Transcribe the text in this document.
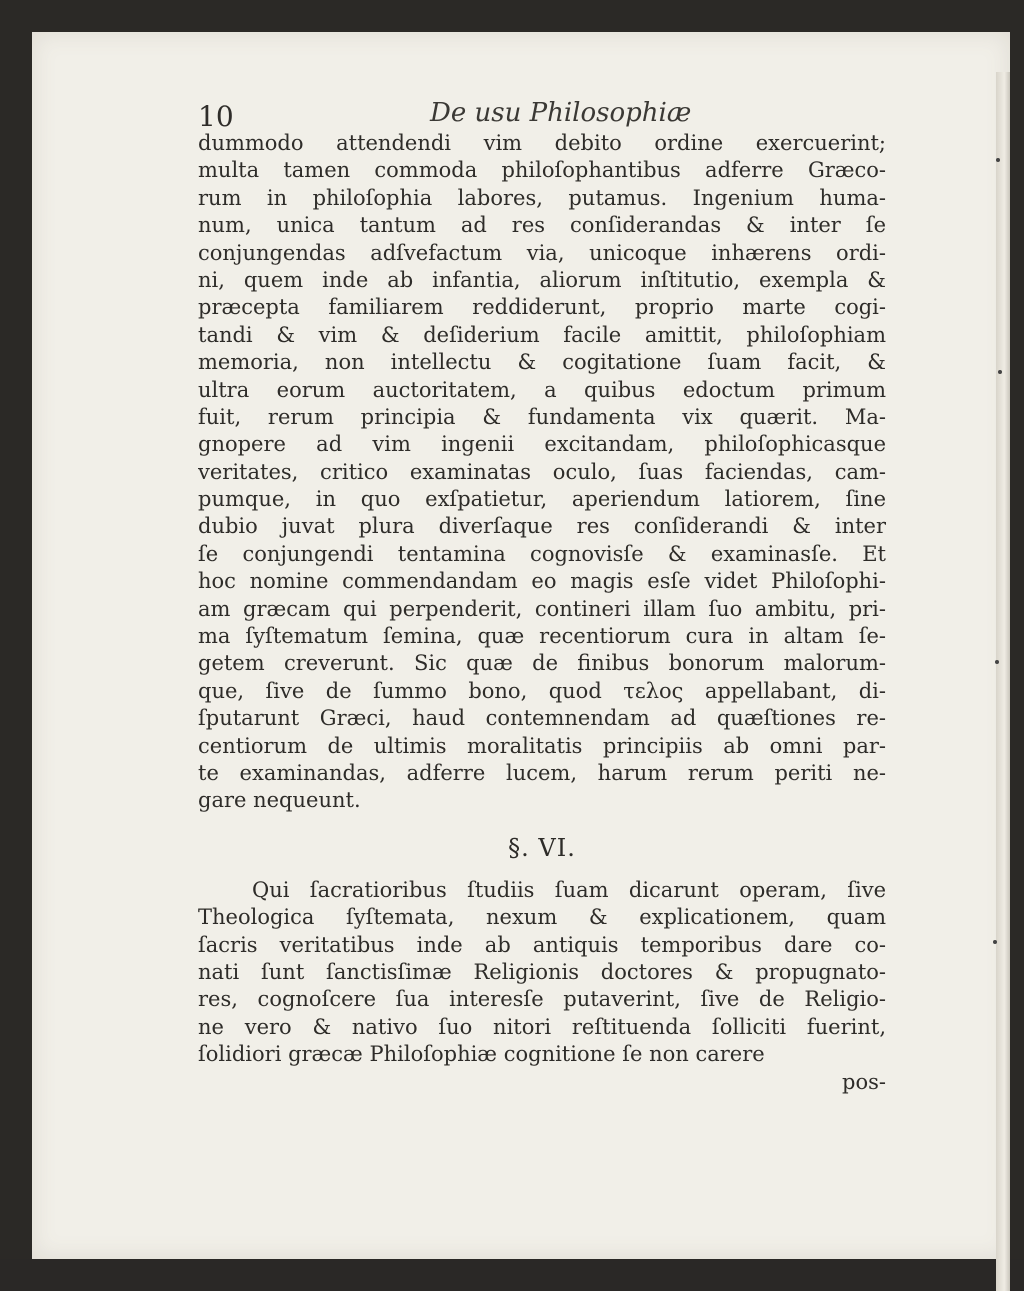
10	De usu Philosophiæ
dummodo attendendi vim debito ordine exercuerint;
multa tamen commoda philoſophantibus adferre Græco-
rum in philoſophia labores, putamus. Ingenium huma-
num, unica tantum ad res conſiderandas & inter ſe
conjungendas adſvefactum via, unicoque inhærens ordi-
ni, quem inde ab infantia, aliorum inſtitutio, exempla &
præcepta familiarem reddiderunt, proprio marte cogi-
tandi & vim & deſiderium facile amittit, philoſophiam
memoria, non intellectu & cogitatione ſuam facit, &
ultra eorum auctoritatem, a quibus edoctum primum
fuit, rerum principia & fundamenta vix quærit. Ma-
gnopere ad vim ingenii excitandam, philoſophicasque
veritates, critico examinatas oculo, ſuas faciendas, cam-
pumque, in quo exſpatietur, aperiendum latiorem, ſine
dubio juvat plura diverſaque res conſiderandi & inter
ſe conjungendi tentamina cognovisſe & examinasſe. Et
hoc nomine commendandam eo magis esſe videt Philoſophi-
am græcam qui perpenderit, contineri illam ſuo ambitu, pri-
ma ſyſtematum ſemina, quæ recentiorum cura in altam ſe-
getem creverunt. Sic quæ de finibus bonorum malorum-
que, ſive de ſummo bono, quod τελος appellabant, di-
ſputarunt Græci, haud contemnendam ad quæſtiones re-
centiorum de ultimis moralitatis principiis ab omni par-
te examinandas, adferre lucem, harum rerum periti ne-
gare nequeunt.
§. VI.
Qui ſacratioribus ſtudiis ſuam dicarunt operam, ſive
Theologica ſyſtemata, nexum & explicationem, quam
ſacris veritatibus inde ab antiquis temporibus dare co-
nati ſunt ſanctisſimæ Religionis doctores & propugnato-
res, cognoſcere ſua interesſe putaverint, ſive de Religio-
ne vero & nativo ſuo nitori reſtituenda ſolliciti fuerint,
ſolidiori græcæ Philoſophiæ cognitione ſe non carere
pos-
